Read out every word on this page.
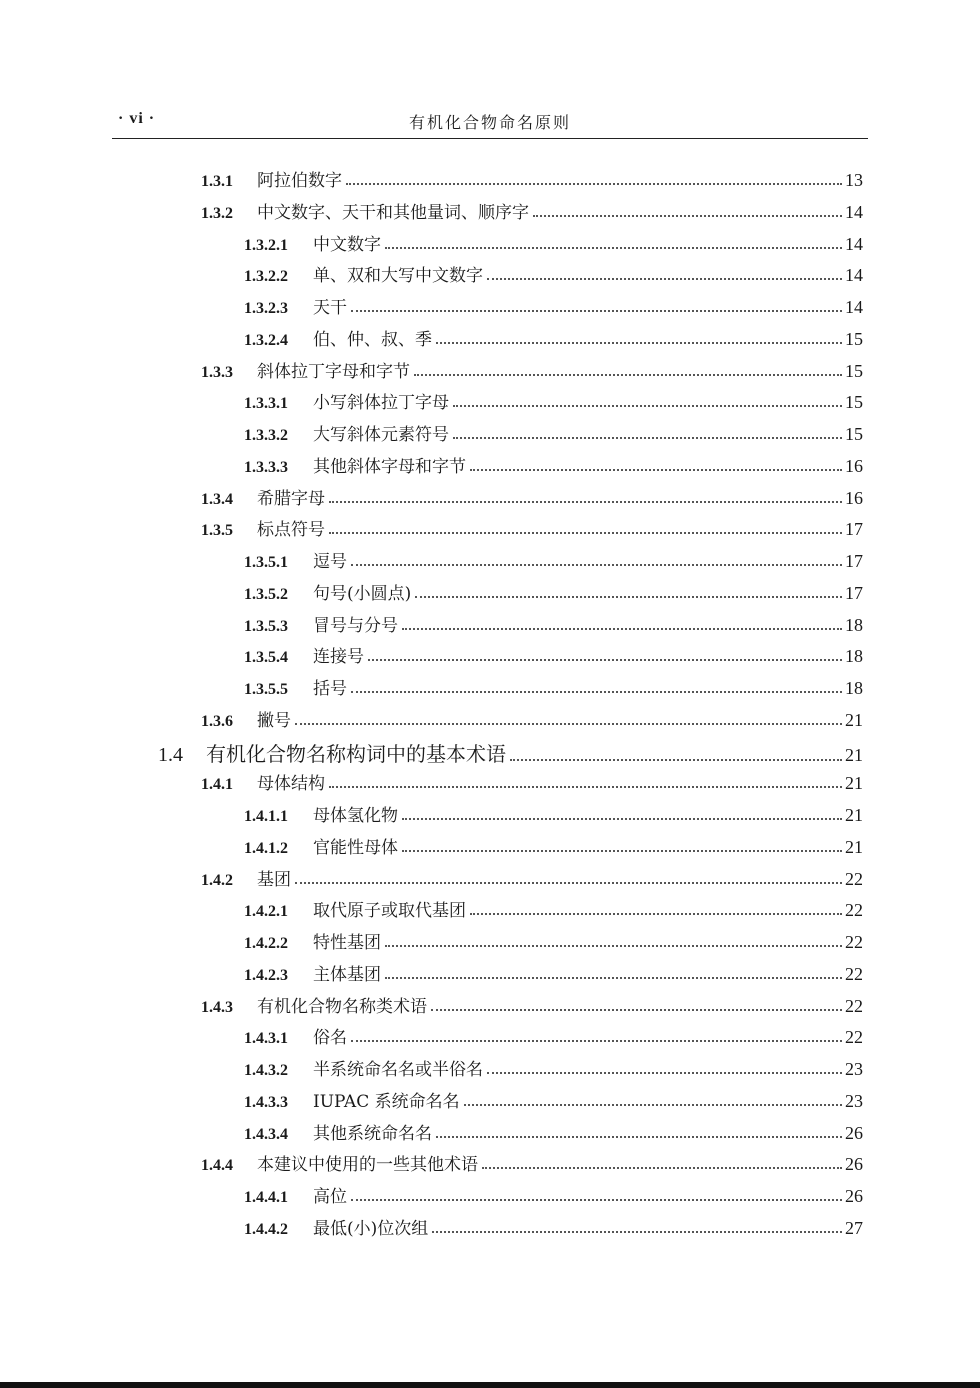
· vi ·	有机化合物命名原则
1.3.1	阿拉伯数字	13
1.3.2	中文数字、天干和其他量词、顺序字	14
1.3.2.1	中文数字	14
1.3.2.2	单、双和大写中文数字	14
1.3.2.3	天干	14
1.3.2.4	伯、仲、叔、季	15
1.3.3	斜体拉丁字母和字节	15
1.3.3.1	小写斜体拉丁字母	15
1.3.3.2	大写斜体元素符号	15
1.3.3.3	其他斜体字母和字节	16
1.3.4	希腊字母	16
1.3.5	标点符号	17
1.3.5.1	逗号	17
1.3.5.2	句号(小圆点)	17
1.3.5.3	冒号与分号	18
1.3.5.4	连接号	18
1.3.5.5	括号	18
1.3.6	撇号	21
1.4	有机化合物名称构词中的基本术语	21
1.4.1	母体结构	21
1.4.1.1	母体氢化物	21
1.4.1.2	官能性母体	21
1.4.2	基团	22
1.4.2.1	取代原子或取代基团	22
1.4.2.2	特性基团	22
1.4.2.3	主体基团	22
1.4.3	有机化合物名称类术语	22
1.4.3.1	俗名	22
1.4.3.2	半系统命名名或半俗名	23
1.4.3.3	IUPAC 系统命名名	23
1.4.3.4	其他系统命名名	26
1.4.4	本建议中使用的一些其他术语	26
1.4.4.1	高位	26
1.4.4.2	最低(小)位次组	27
